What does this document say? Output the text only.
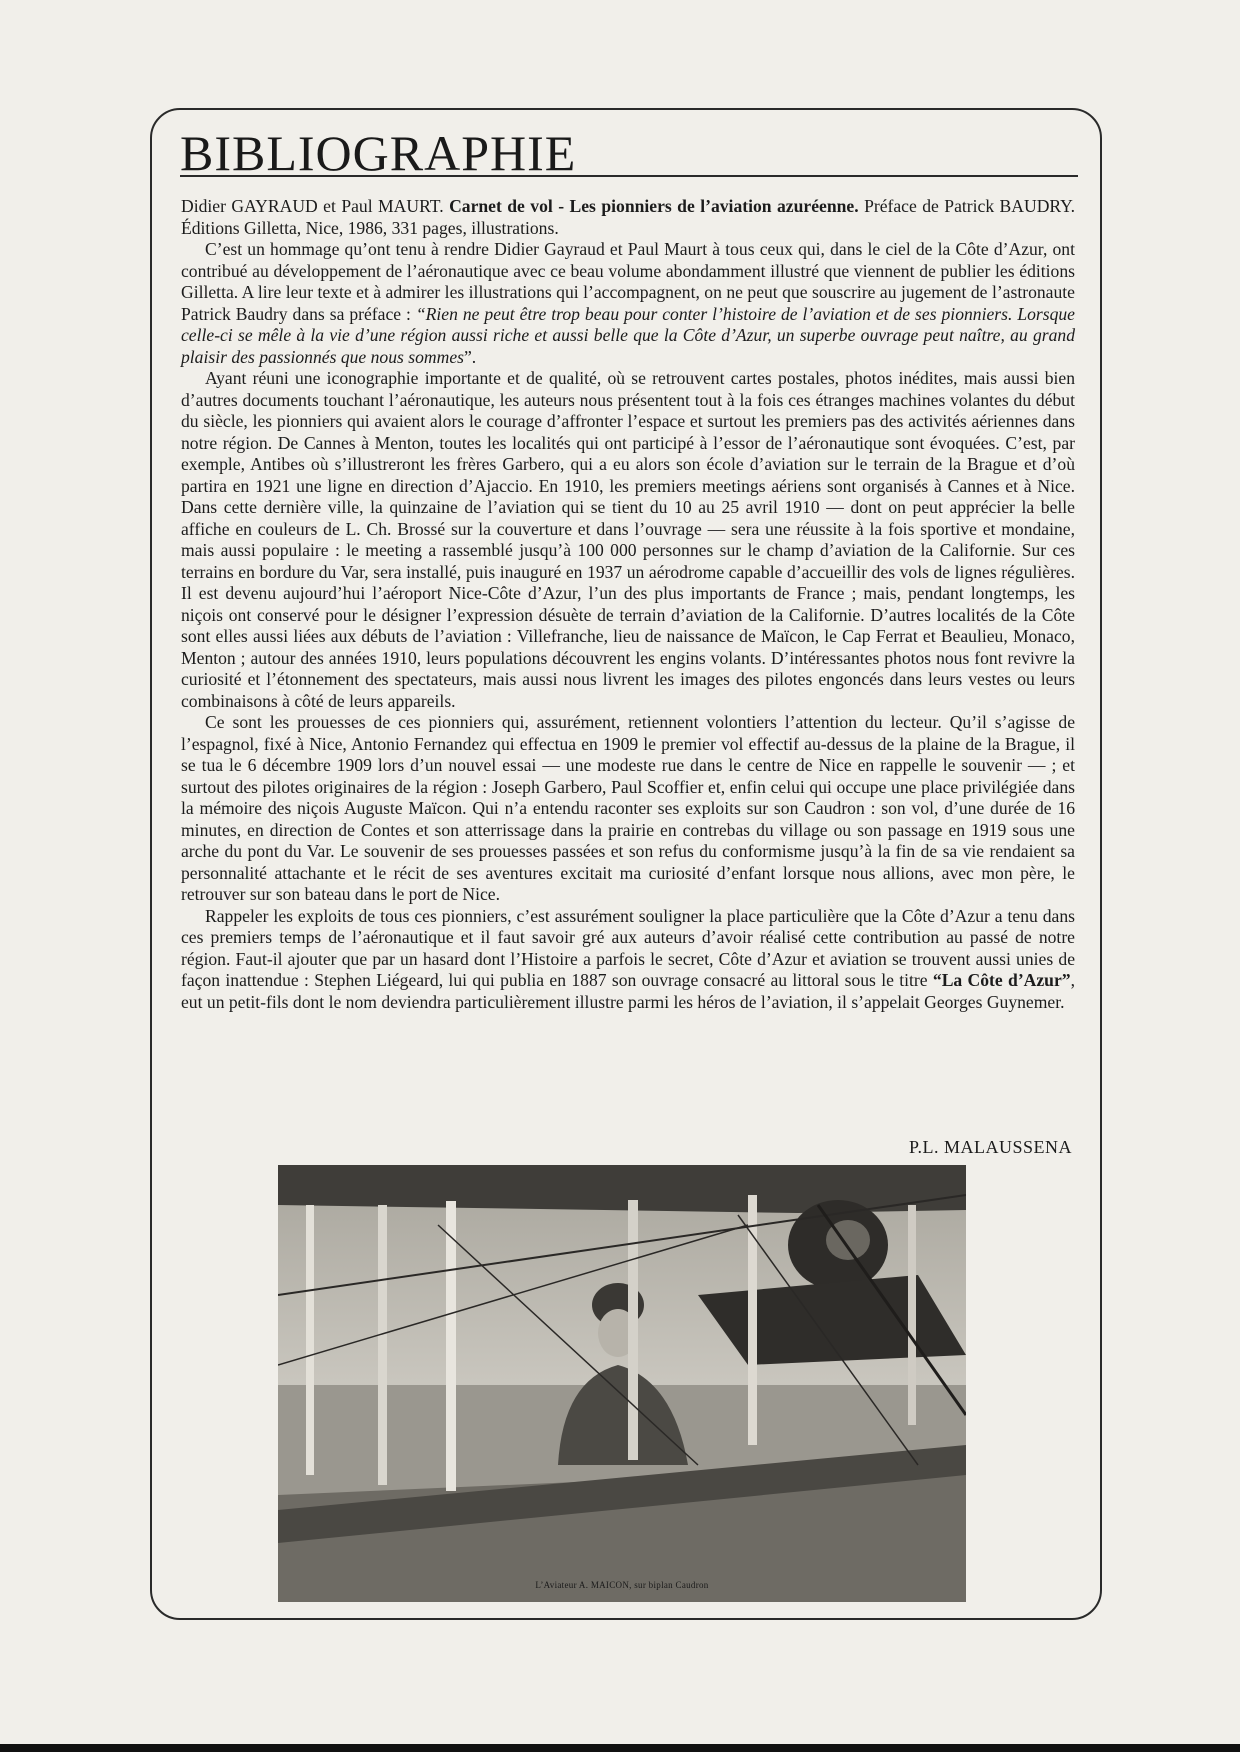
BIBLIOGRAPHIE

Didier GAYRAUD et Paul MAURT. Carnet de vol - Les pionniers de l’aviation azuréenne. Préface de Patrick BAUDRY. Éditions Gilletta, Nice, 1986, 331 pages, illustrations.

C’est un hommage qu’ont tenu à rendre Didier Gayraud et Paul Maurt à tous ceux qui, dans le ciel de la Côte d’Azur, ont contribué au développement de l’aéronautique avec ce beau volume abondamment illustré que viennent de publier les éditions Gilletta. A lire leur texte et à admirer les illustrations qui l’accompagnent, on ne peut que souscrire au jugement de l’astronaute Patrick Baudry dans sa préface : “Rien ne peut être trop beau pour conter l’histoire de l’aviation et de ses pionniers. Lorsque celle-ci se mêle à la vie d’une région aussi riche et aussi belle que la Côte d’Azur, un superbe ouvrage peut naître, au grand plaisir des passionnés que nous sommes”.

Ayant réuni une iconographie importante et de qualité, où se retrouvent cartes postales, photos inédites, mais aussi bien d’autres documents touchant l’aéronautique, les auteurs nous présentent tout à la fois ces étranges machines volantes du début du siècle, les pionniers qui avaient alors le courage d’affronter l’espace et surtout les premiers pas des activités aériennes dans notre région. De Cannes à Menton, toutes les localités qui ont participé à l’essor de l’aéronautique sont évoquées. C’est, par exemple, Antibes où s’illustreront les frères Garbero, qui a eu alors son école d’aviation sur le terrain de la Brague et d’où partira en 1921 une ligne en direction d’Ajaccio. En 1910, les premiers meetings aériens sont organisés à Cannes et à Nice. Dans cette dernière ville, la quinzaine de l’aviation qui se tient du 10 au 25 avril 1910 — dont on peut apprécier la belle affiche en couleurs de L. Ch. Brossé sur la couverture et dans l’ouvrage — sera une réussite à la fois sportive et mondaine, mais aussi populaire : le meeting a rassemblé jusqu’à 100 000 personnes sur le champ d’aviation de la Californie. Sur ces terrains en bordure du Var, sera installé, puis inauguré en 1937 un aérodrome capable d’accueillir des vols de lignes régulières. Il est devenu aujourd’hui l’aéroport Nice-Côte d’Azur, l’un des plus importants de France ; mais, pendant longtemps, les niçois ont conservé pour le désigner l’expression désuète de terrain d’aviation de la Californie. D’autres localités de la Côte sont elles aussi liées aux débuts de l’aviation : Villefranche, lieu de naissance de Maïcon, le Cap Ferrat et Beaulieu, Monaco, Menton ; autour des années 1910, leurs populations découvrent les engins volants. D’intéressantes photos nous font revivre la curiosité et l’étonnement des spectateurs, mais aussi nous livrent les images des pilotes engoncés dans leurs vestes ou leurs combinaisons à côté de leurs appareils.

Ce sont les prouesses de ces pionniers qui, assurément, retiennent volontiers l’attention du lecteur. Qu’il s’agisse de l’espagnol, fixé à Nice, Antonio Fernandez qui effectua en 1909 le premier vol effectif au-dessus de la plaine de la Brague, il se tua le 6 décembre 1909 lors d’un nouvel essai — une modeste rue dans le centre de Nice en rappelle le souvenir — ; et surtout des pilotes originaires de la région : Joseph Garbero, Paul Scoffier et, enfin celui qui occupe une place privilégiée dans la mémoire des niçois Auguste Maïcon. Qui n’a entendu raconter ses exploits sur son Caudron : son vol, d’une durée de 16 minutes, en direction de Contes et son atterrissage dans la prairie en contrebas du village ou son passage en 1919 sous une arche du pont du Var. Le souvenir de ses prouesses passées et son refus du conformisme jusqu’à la fin de sa vie rendaient sa personnalité attachante et le récit de ses aventures excitait ma curiosité d’enfant lorsque nous allions, avec mon père, le retrouver sur son bateau dans le port de Nice.

Rappeler les exploits de tous ces pionniers, c’est assurément souligner la place particulière que la Côte d’Azur a tenu dans ces premiers temps de l’aéronautique et il faut savoir gré aux auteurs d’avoir réalisé cette contribution au passé de notre région. Faut-il ajouter que par un hasard dont l’Histoire a parfois le secret, Côte d’Azur et aviation se trouvent aussi unies de façon inattendue : Stephen Liégeard, lui qui publia en 1887 son ouvrage consacré au littoral sous le titre “La Côte d’Azur”, eut un petit-fils dont le nom deviendra particulièrement illustre parmi les héros de l’aviation, il s’appelait Georges Guynemer.

P.L. MALAUSSENA
L’Aviateur A. MAICON, sur biplan Caudron
